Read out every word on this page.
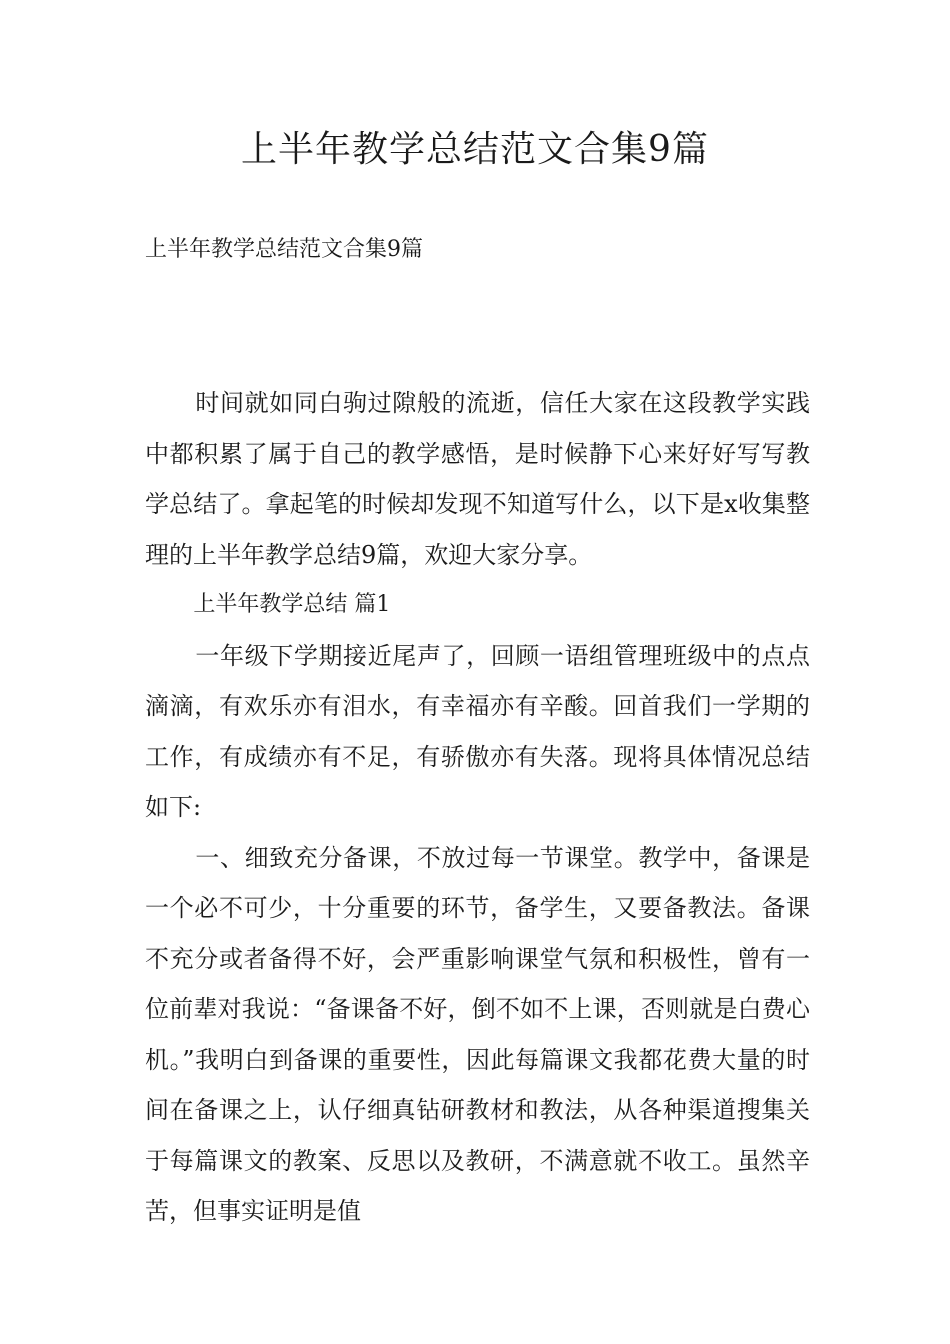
上半年教学总结范文合集9篇
上半年教学总结范文合集9篇

时间就如同白驹过隙般的流逝，信任大家在这段教学实践中都积累了属于自己的教学感悟，是时候静下心来好好写写教学总结了。拿起笔的时候却发现不知道写什么，以下是x收集整理的上半年教学总结9篇，欢迎大家分享。

上半年教学总结 篇1

一年级下学期接近尾声了，回顾一语组管理班级中的点点滴滴，有欢乐亦有泪水，有幸福亦有辛酸。回首我们一学期的工作，有成绩亦有不足，有骄傲亦有失落。现将具体情况总结如下:

一、细致充分备课，不放过每一节课堂。教学中，备课是一个必不可少，十分重要的环节，备学生，又要备教法。备课不充分或者备得不好，会严重影响课堂气氛和积极性，曾有一位前辈对我说：“备课备不好，倒不如不上课，否则就是白费心机。”我明白到备课的重要性，因此每篇课文我都花费大量的时间在备课之上，认仔细真钻研教材和教法，从各种渠道搜集关于每篇课文的教案、反思以及教研，不满意就不收工。虽然辛苦，但事实证明是值
